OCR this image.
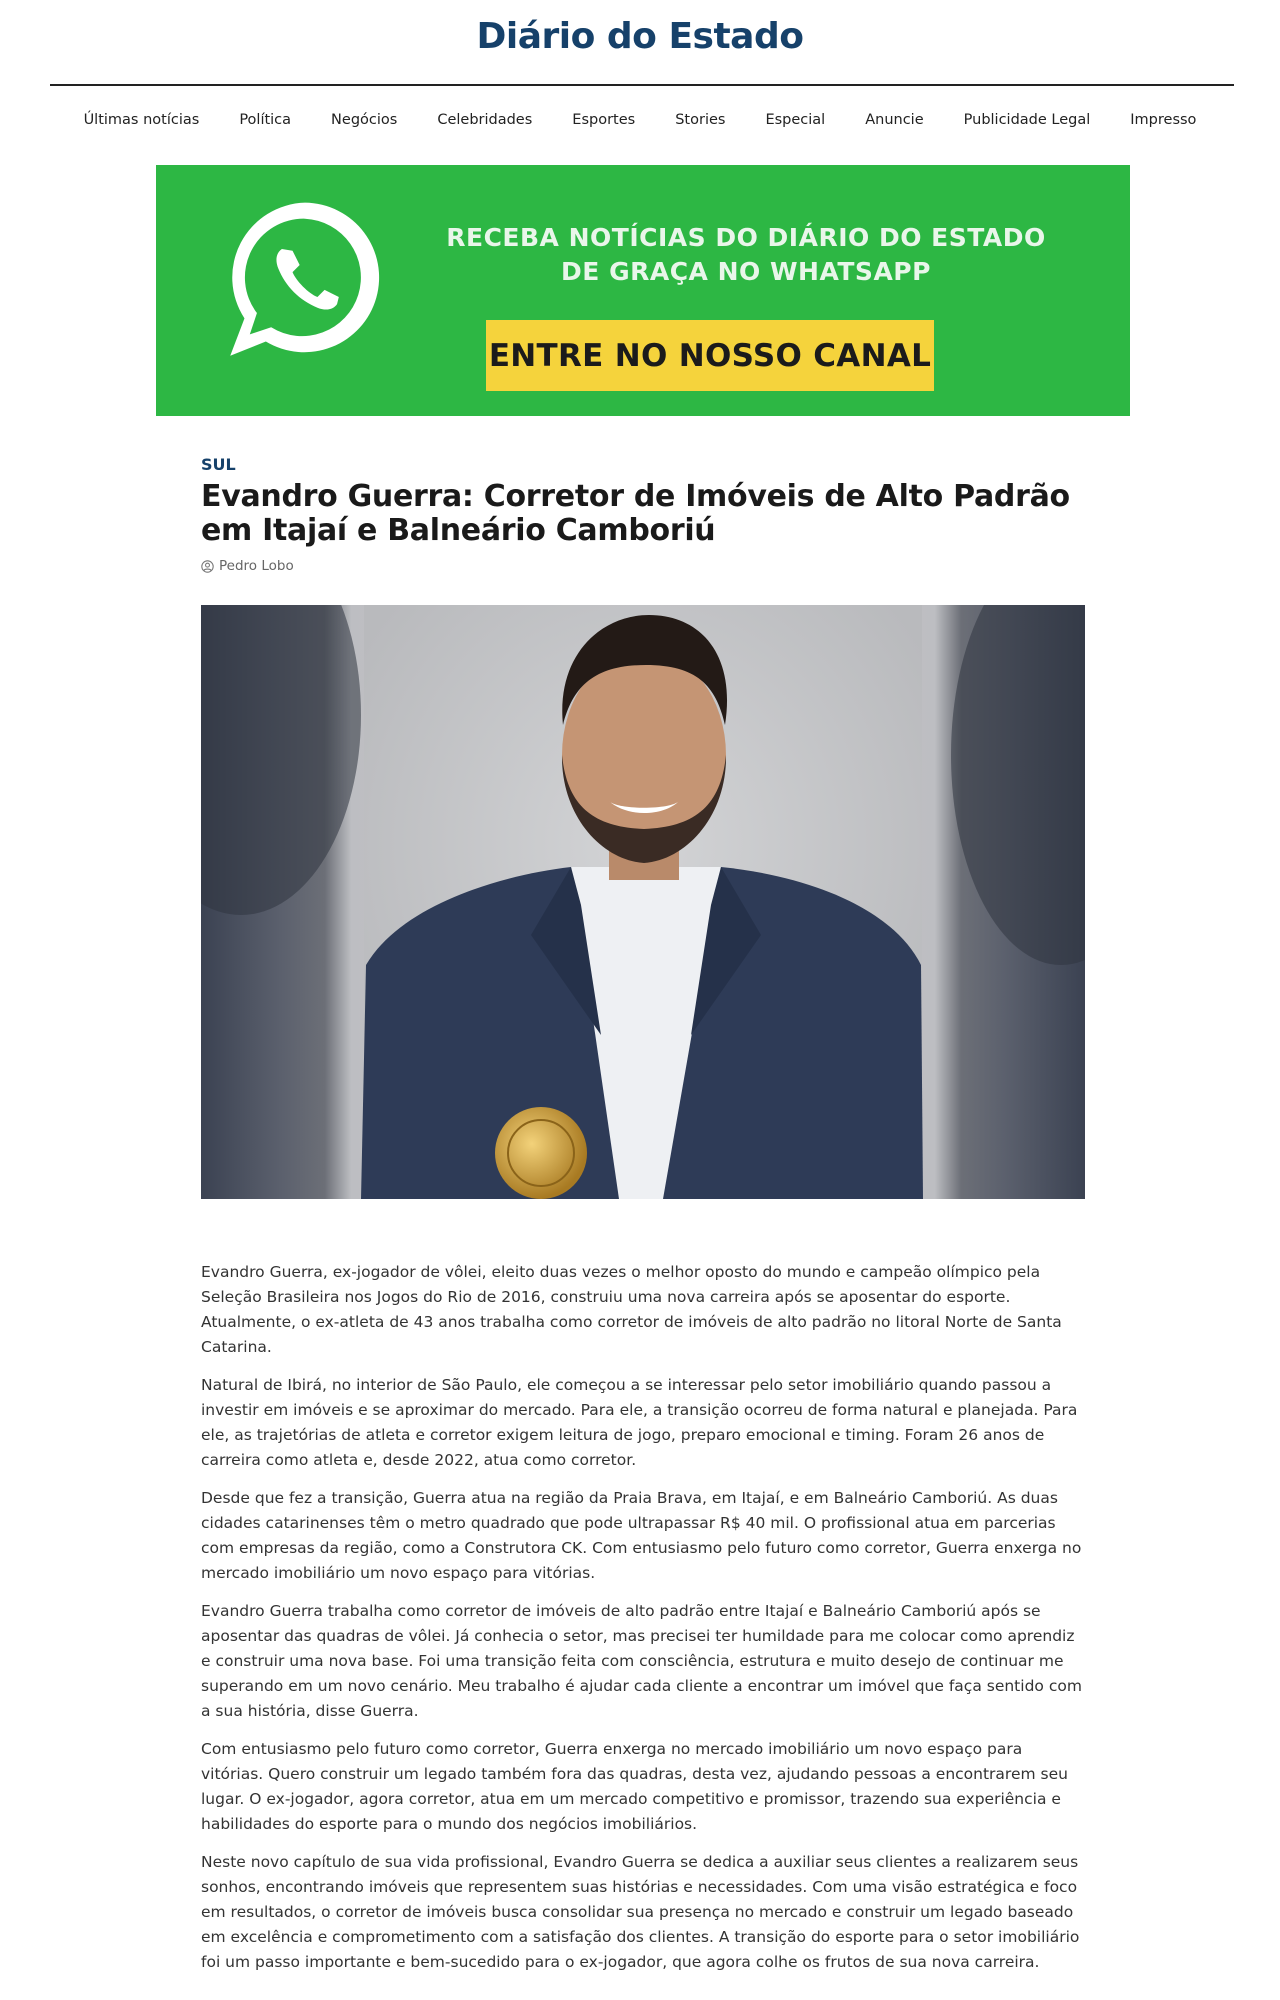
Diário do Estado
Últimas notícias	Política	Negócios	Celebridades	Esportes	Stories	Especial	Anuncie	Publicidade Legal	Impresso
RECEBA NOTÍCIAS DO DIÁRIO DO ESTADO
DE GRAÇA NO WHATSAPP
ENTRE NO NOSSO CANAL
SUL
Evandro Guerra: Corretor de Imóveis de Alto Padrão em Itajaí e Balneário Camboriú
Pedro Lobo

Evandro Guerra, ex-jogador de vôlei, eleito duas vezes o melhor oposto do mundo e campeão olímpico pela Seleção Brasileira nos Jogos do Rio de 2016, construiu uma nova carreira após se aposentar do esporte. Atualmente, o ex-atleta de 43 anos trabalha como corretor de imóveis de alto padrão no litoral Norte de Santa Catarina.

Natural de Ibirá, no interior de São Paulo, ele começou a se interessar pelo setor imobiliário quando passou a investir em imóveis e se aproximar do mercado. Para ele, a transição ocorreu de forma natural e planejada. Para ele, as trajetórias de atleta e corretor exigem leitura de jogo, preparo emocional e timing. Foram 26 anos de carreira como atleta e, desde 2022, atua como corretor.

Desde que fez a transição, Guerra atua na região da Praia Brava, em Itajaí, e em Balneário Camboriú. As duas cidades catarinenses têm o metro quadrado que pode ultrapassar R$ 40 mil. O profissional atua em parcerias com empresas da região, como a Construtora CK. Com entusiasmo pelo futuro como corretor, Guerra enxerga no mercado imobiliário um novo espaço para vitórias.

Evandro Guerra trabalha como corretor de imóveis de alto padrão entre Itajaí e Balneário Camboriú após se aposentar das quadras de vôlei. Já conhecia o setor, mas precisei ter humildade para me colocar como aprendiz e construir uma nova base. Foi uma transição feita com consciência, estrutura e muito desejo de continuar me superando em um novo cenário. Meu trabalho é ajudar cada cliente a encontrar um imóvel que faça sentido com a sua história, disse Guerra.

Com entusiasmo pelo futuro como corretor, Guerra enxerga no mercado imobiliário um novo espaço para vitórias. Quero construir um legado também fora das quadras, desta vez, ajudando pessoas a encontrarem seu lugar. O ex-jogador, agora corretor, atua em um mercado competitivo e promissor, trazendo sua experiência e habilidades do esporte para o mundo dos negócios imobiliários.

Neste novo capítulo de sua vida profissional, Evandro Guerra se dedica a auxiliar seus clientes a realizarem seus sonhos, encontrando imóveis que representem suas histórias e necessidades. Com uma visão estratégica e foco em resultados, o corretor de imóveis busca consolidar sua presença no mercado e construir um legado baseado em excelência e comprometimento com a satisfação dos clientes. A transição do esporte para o setor imobiliário foi um passo importante e bem-sucedido para o ex-jogador, que agora colhe os frutos de sua nova carreira.
